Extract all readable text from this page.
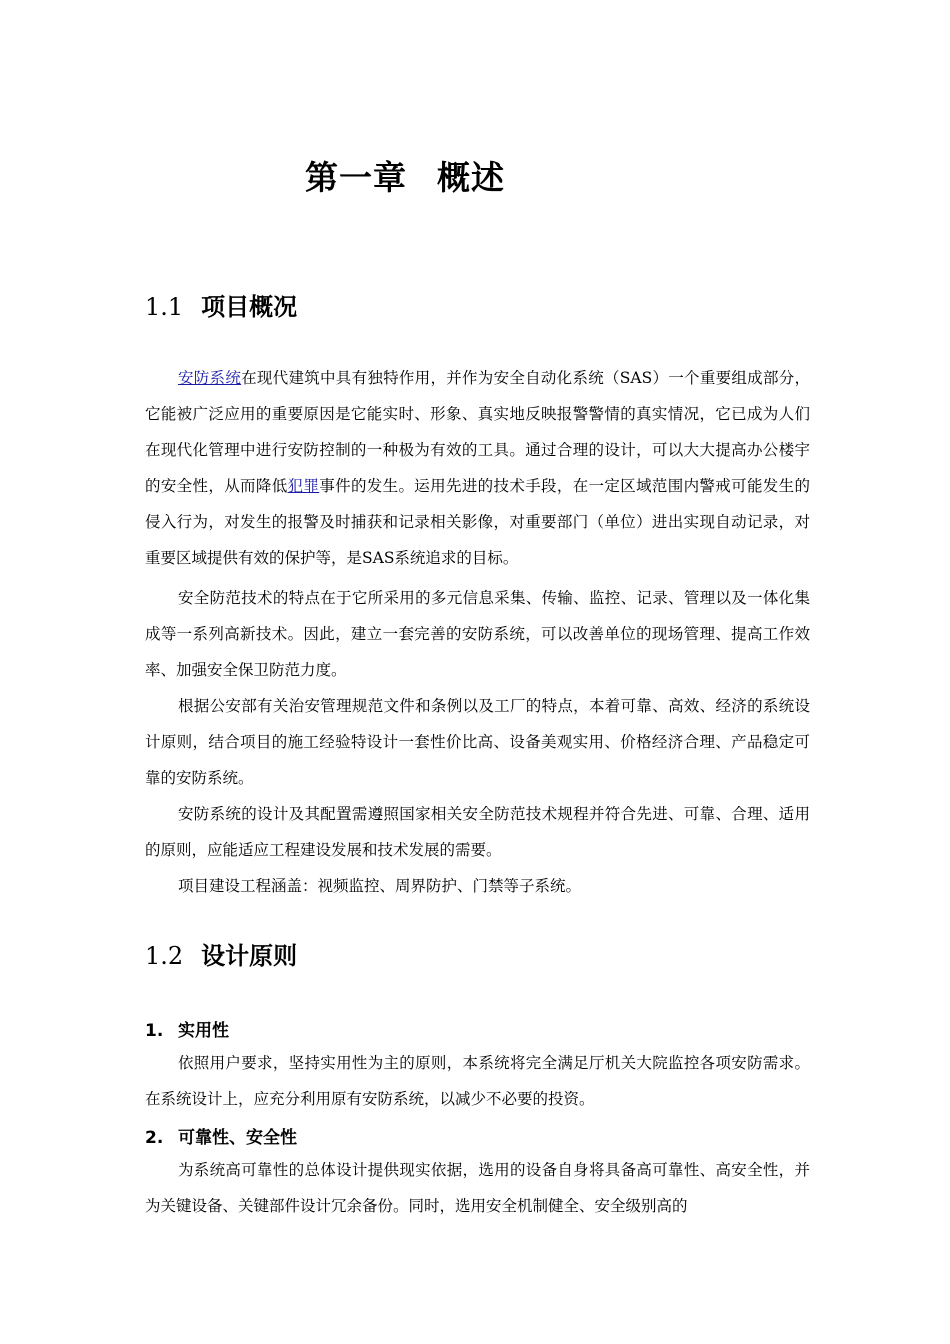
第一章 概述
1.1 项目概况

安防系统在现代建筑中具有独特作用，并作为安全自动化系统（SAS）一个重要组成部分，它能被广泛应用的重要原因是它能实时、形象、真实地反映报警警情的真实情况，它已成为人们在现代化管理中进行安防控制的一种极为有效的工具。通过合理的设计，可以大大提高办公楼宇的安全性，从而降低犯罪事件的发生。运用先进的技术手段，在一定区域范围内警戒可能发生的侵入行为，对发生的报警及时捕获和记录相关影像，对重要部门（单位）进出实现自动记录，对重要区域提供有效的保护等，是SAS系统追求的目标。

安全防范技术的特点在于它所采用的多元信息采集、传输、监控、记录、管理以及一体化集成等一系列高新技术。因此，建立一套完善的安防系统，可以改善单位的现场管理、提高工作效率、加强安全保卫防范力度。

根据公安部有关治安管理规范文件和条例以及工厂的特点，本着可靠、高效、经济的系统设计原则，结合项目的施工经验特设计一套性价比高、设备美观实用、价格经济合理、产品稳定可靠的安防系统。

安防系统的设计及其配置需遵照国家相关安全防范技术规程并符合先进、可靠、合理、适用的原则，应能适应工程建设发展和技术发展的需要。

项目建设工程涵盖：视频监控、周界防护、门禁等子系统。

1.2 设计原则
1. 实用性

依照用户要求，坚持实用性为主的原则，本系统将完全满足厅机关大院监控各项安防需求。在系统设计上，应充分利用原有安防系统，以减少不必要的投资。

2. 可靠性、安全性

为系统高可靠性的总体设计提供现实依据，选用的设备自身将具备高可靠性、高安全性，并为关键设备、关键部件设计冗余备份。同时，选用安全机制健全、安全级别高的
